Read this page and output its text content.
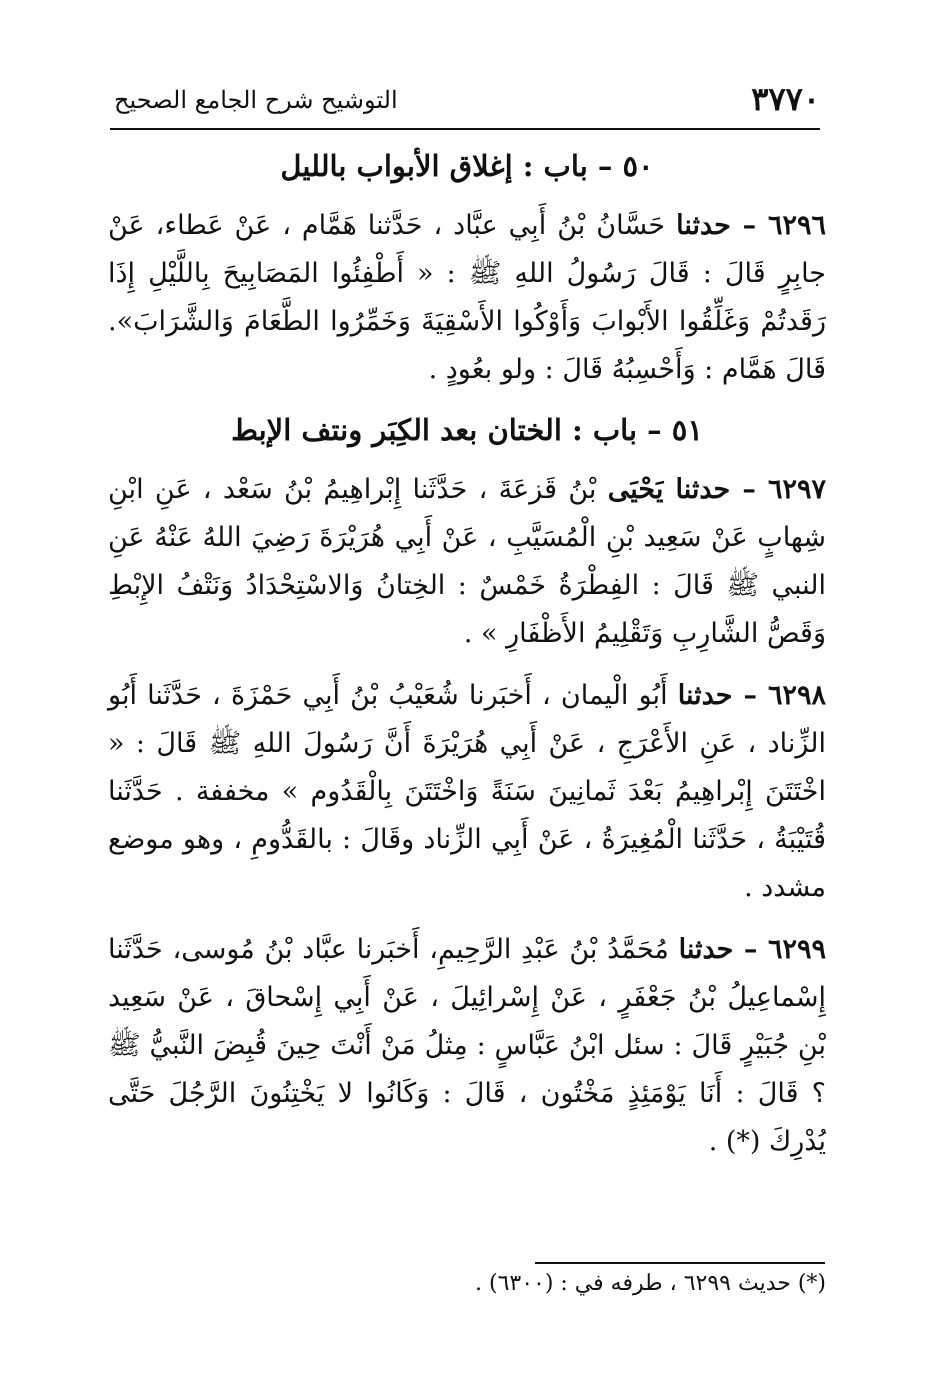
٣٧٧٠
التوشيح شرح الجامع الصحيح
٥٠ – باب : إغلاق الأبواب بالليل

٦٢٩٦ – حدثنا حَسَّانُ بْنُ أَبِي عبَّاد ، حَدَّثنا هَمَّام ، عَنْ عَطاء، عَنْ جابِرٍ قَالَ : قَالَ رَسُولُ اللهِ ﷺ : « أَطْفِئُوا المَصَابِيحَ بِاللَّيْلِ إِذَا رَقَدتُمْ وَغَلِّقُوا الأَبْوابَ وَأَوْكُوا الأَسْقِيَةَ وَخَمِّرُوا الطَّعَامَ وَالشَّرَابَ». قَالَ هَمَّام : وَأَحْسِبُهُ قَالَ : ولو بعُودٍ .

٥١ – باب : الختان بعد الكِبَر ونتف الإبط

٦٢٩٧ – حدثنا يَحْيَى بْنُ قَزعَةَ ، حَدَّثَنا إِبْراهِيمُ بْنُ سَعْد ، عَنِ ابْنِ شِهابٍ عَنْ سَعِيد بْنِ الْمُسَيَّبِ ، عَنْ أَبِي هُرَيْرَةَ رَضِيَ اللهُ عَنْهُ عَنِ النبي ﷺ قَالَ : الفِطْرَةُ خَمْسٌ : الخِتانُ وَالاسْتِحْدَادُ وَنَتْفُ الإِبْطِ وَقَصُّ الشَّارِبِ وَتَقْلِيمُ الأَظْفَارِ » .

٦٢٩٨ – حدثنا أَبُو الْيمان ، أَخبَرنا شُعَيْبُ بْنُ أَبِي حَمْزَةَ ، حَدَّثَنا أَبُو الزِّناد ، عَنِ الأَعْرَجِ ، عَنْ أَبِي هُرَيْرَةَ أَنَّ رَسُولَ اللهِ ﷺ قَالَ : « اخْتَتَنَ إِبْراهِيمُ بَعْدَ ثَمانِينَ سَنَةً وَاخْتَتَنَ بِالْقَدُوم » مخففة . حَدَّثَنا قُتَيْبَةُ ، حَدَّثَنا الْمُغِيرَةُ ، عَنْ أَبِي الزِّناد وقَالَ : بالقَدُّومِ ، وهو موضع مشدد .

٦٢٩٩ – حدثنا مُحَمَّدُ بْنُ عَبْدِ الرَّحِيمِ، أَخبَرنا عبَّاد بْنُ مُوسى، حَدَّثَنا إِسْماعِيلُ بْنُ جَعْفَرٍ ، عَنْ إِسْرائِيلَ ، عَنْ أَبِي إِسْحاقَ ، عَنْ سَعِيد بْنِ جُبَيْرٍ قَالَ : سئل ابْنُ عَبَّاسٍ : مِثلُ مَنْ أَنْتَ حِينَ قُبِضَ النَّبيُّ ﷺ ؟ قَالَ : أَنَا يَوْمَئِذٍ مَخْتُون ، قَالَ : وَكَانُوا لا يَخْتِنُونَ الرَّجُلَ حَتَّى يُدْرِكَ (*) .

(*) حديث ٦٢٩٩ ، طرفه في : (٦٣٠٠) .
